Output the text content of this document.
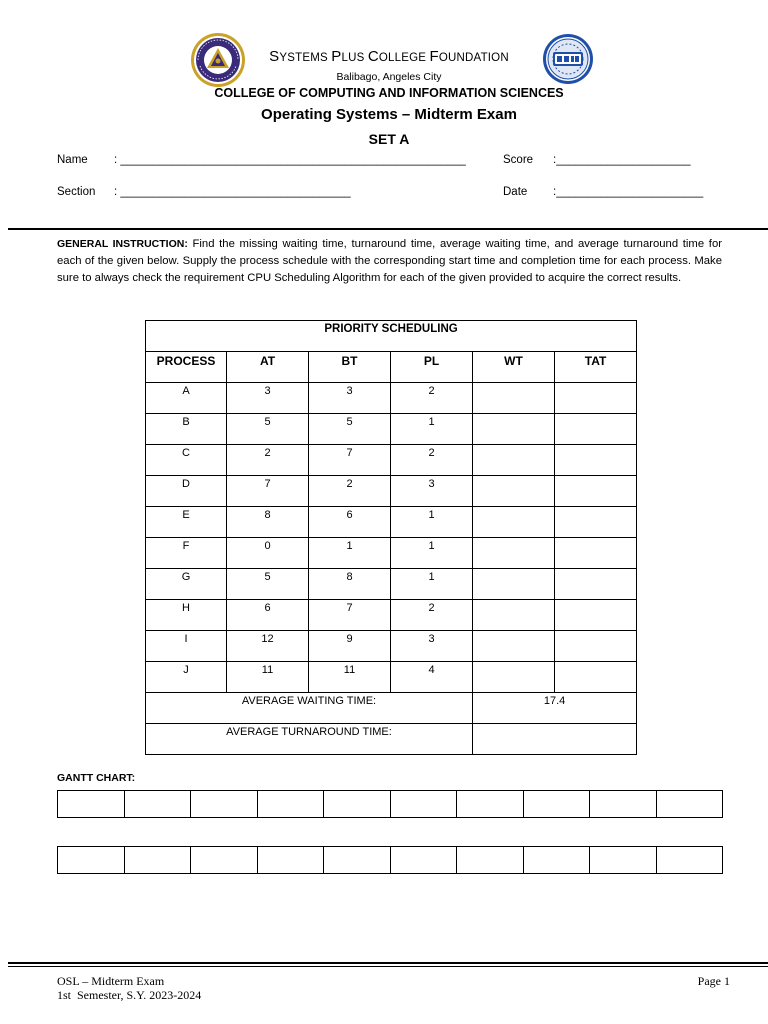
SYSTEMS PLUS COLLEGE FOUNDATION
Balibago, Angeles City
COLLEGE OF COMPUTING AND INFORMATION SCIENCES
Operating Systems – Midterm Exam
SET A
Name : ______________________________________________________	Score :_____________________
Section : ____________________________________	Date :_______________________
GENERAL INSTRUCTION: Find the missing waiting time, turnaround time, average waiting time, and average turnaround time for each of the given below. Supply the process schedule with the corresponding start time and completion time for each process. Make sure to always check the requirement CPU Scheduling Algorithm for each of the given provided to acquire the correct results.
PRIORITY SCHEDULING					
PROCESS	AT	BT	PL	WT	TAT
A	3	3	2		
B	5	5	1		
C	2	7	2		
D	7	2	3		
E	8	6	1		
F	0	1	1		
G	5	8	1		
H	6	7	2		
I	12	9	3		
J	11	11	4		
AVERAGE WAITING TIME:				17.4	
AVERAGE TURNAROUND TIME:					
GANTT CHART:
OSL – Midterm Exam
1st  Semester, S.Y. 2023-2024
Page 1
